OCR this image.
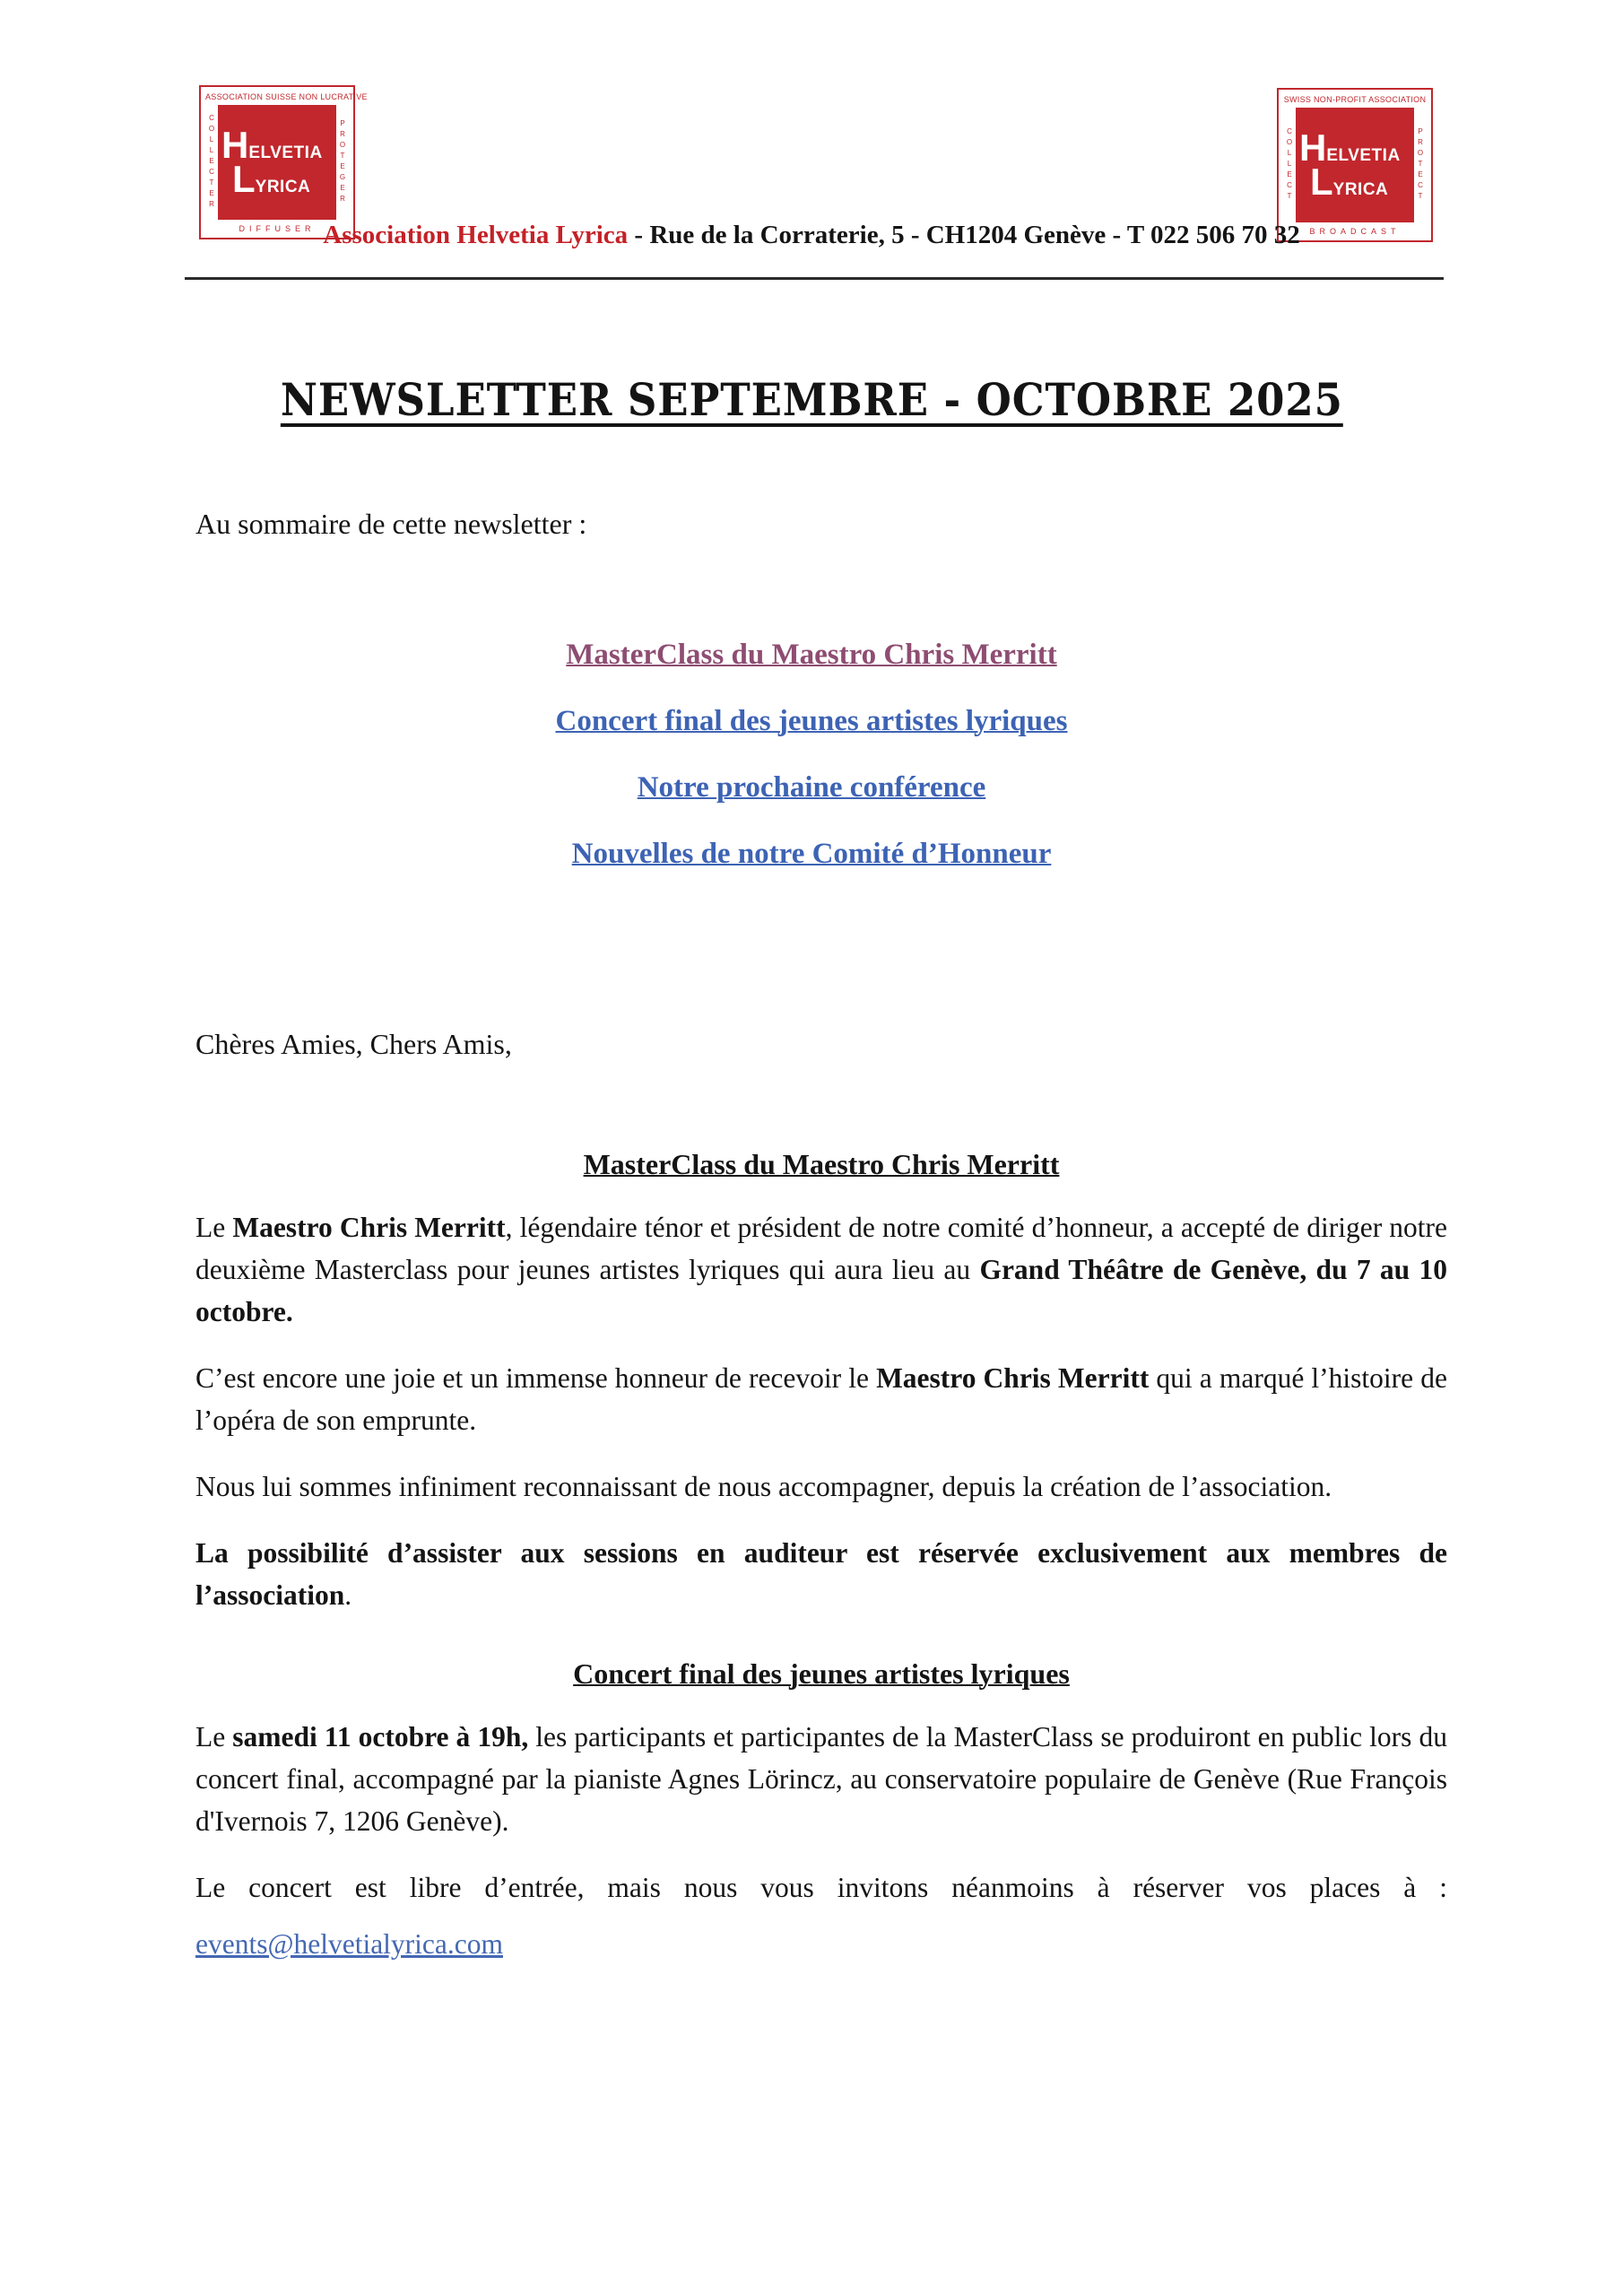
ASSOCIATION SUISSE NON LUCRATIVE
COLLECTER H ELVETIA
L YRICA	PROTEGER
DIFFUSER
SWISS NON-PROFIT ASSOCIATION
COLLECT H ELVETIA
L YRICA	PROTECT
BROADCAST
Association Helvetia Lyrica - Rue de la Corraterie, 5 - CH1204 Genève - T 022 506 70 32
NEWSLETTER SEPTEMBRE - OCTOBRE 2025

Au sommaire de cette newsletter :

MasterClass du Maestro Chris Merritt
Concert final des jeunes artistes lyriques
Notre prochaine conférence
Nouvelles de notre Comité d’Honneur

Chères Amies, Chers Amis,

MasterClass du Maestro Chris Merritt

Le Maestro Chris Merritt, légendaire ténor et président de notre comité d’honneur, a accepté de diriger notre deuxième Masterclass pour jeunes artistes lyriques qui aura lieu au Grand Théâtre de Genève, du 7 au 10 octobre.

C’est encore une joie et un immense honneur de recevoir le Maestro Chris Merritt qui a marqué l’histoire de l’opéra de son emprunte.

Nous lui sommes infiniment reconnaissant de nous accompagner, depuis la création de l’association.

La possibilité d’assister aux sessions en auditeur est réservée exclusivement aux membres de l’association.

Concert final des jeunes artistes lyriques

Le samedi 11 octobre à 19h, les participants et participantes de la MasterClass se produiront en public lors du concert final, accompagné par la pianiste Agnes Lörincz, au conservatoire populaire de Genève (Rue François d'Ivernois 7, 1206 Genève).

Le concert est libre d’entrée, mais nous vous invitons néanmoins à réserver vos places à :

events@helvetialyrica.com
